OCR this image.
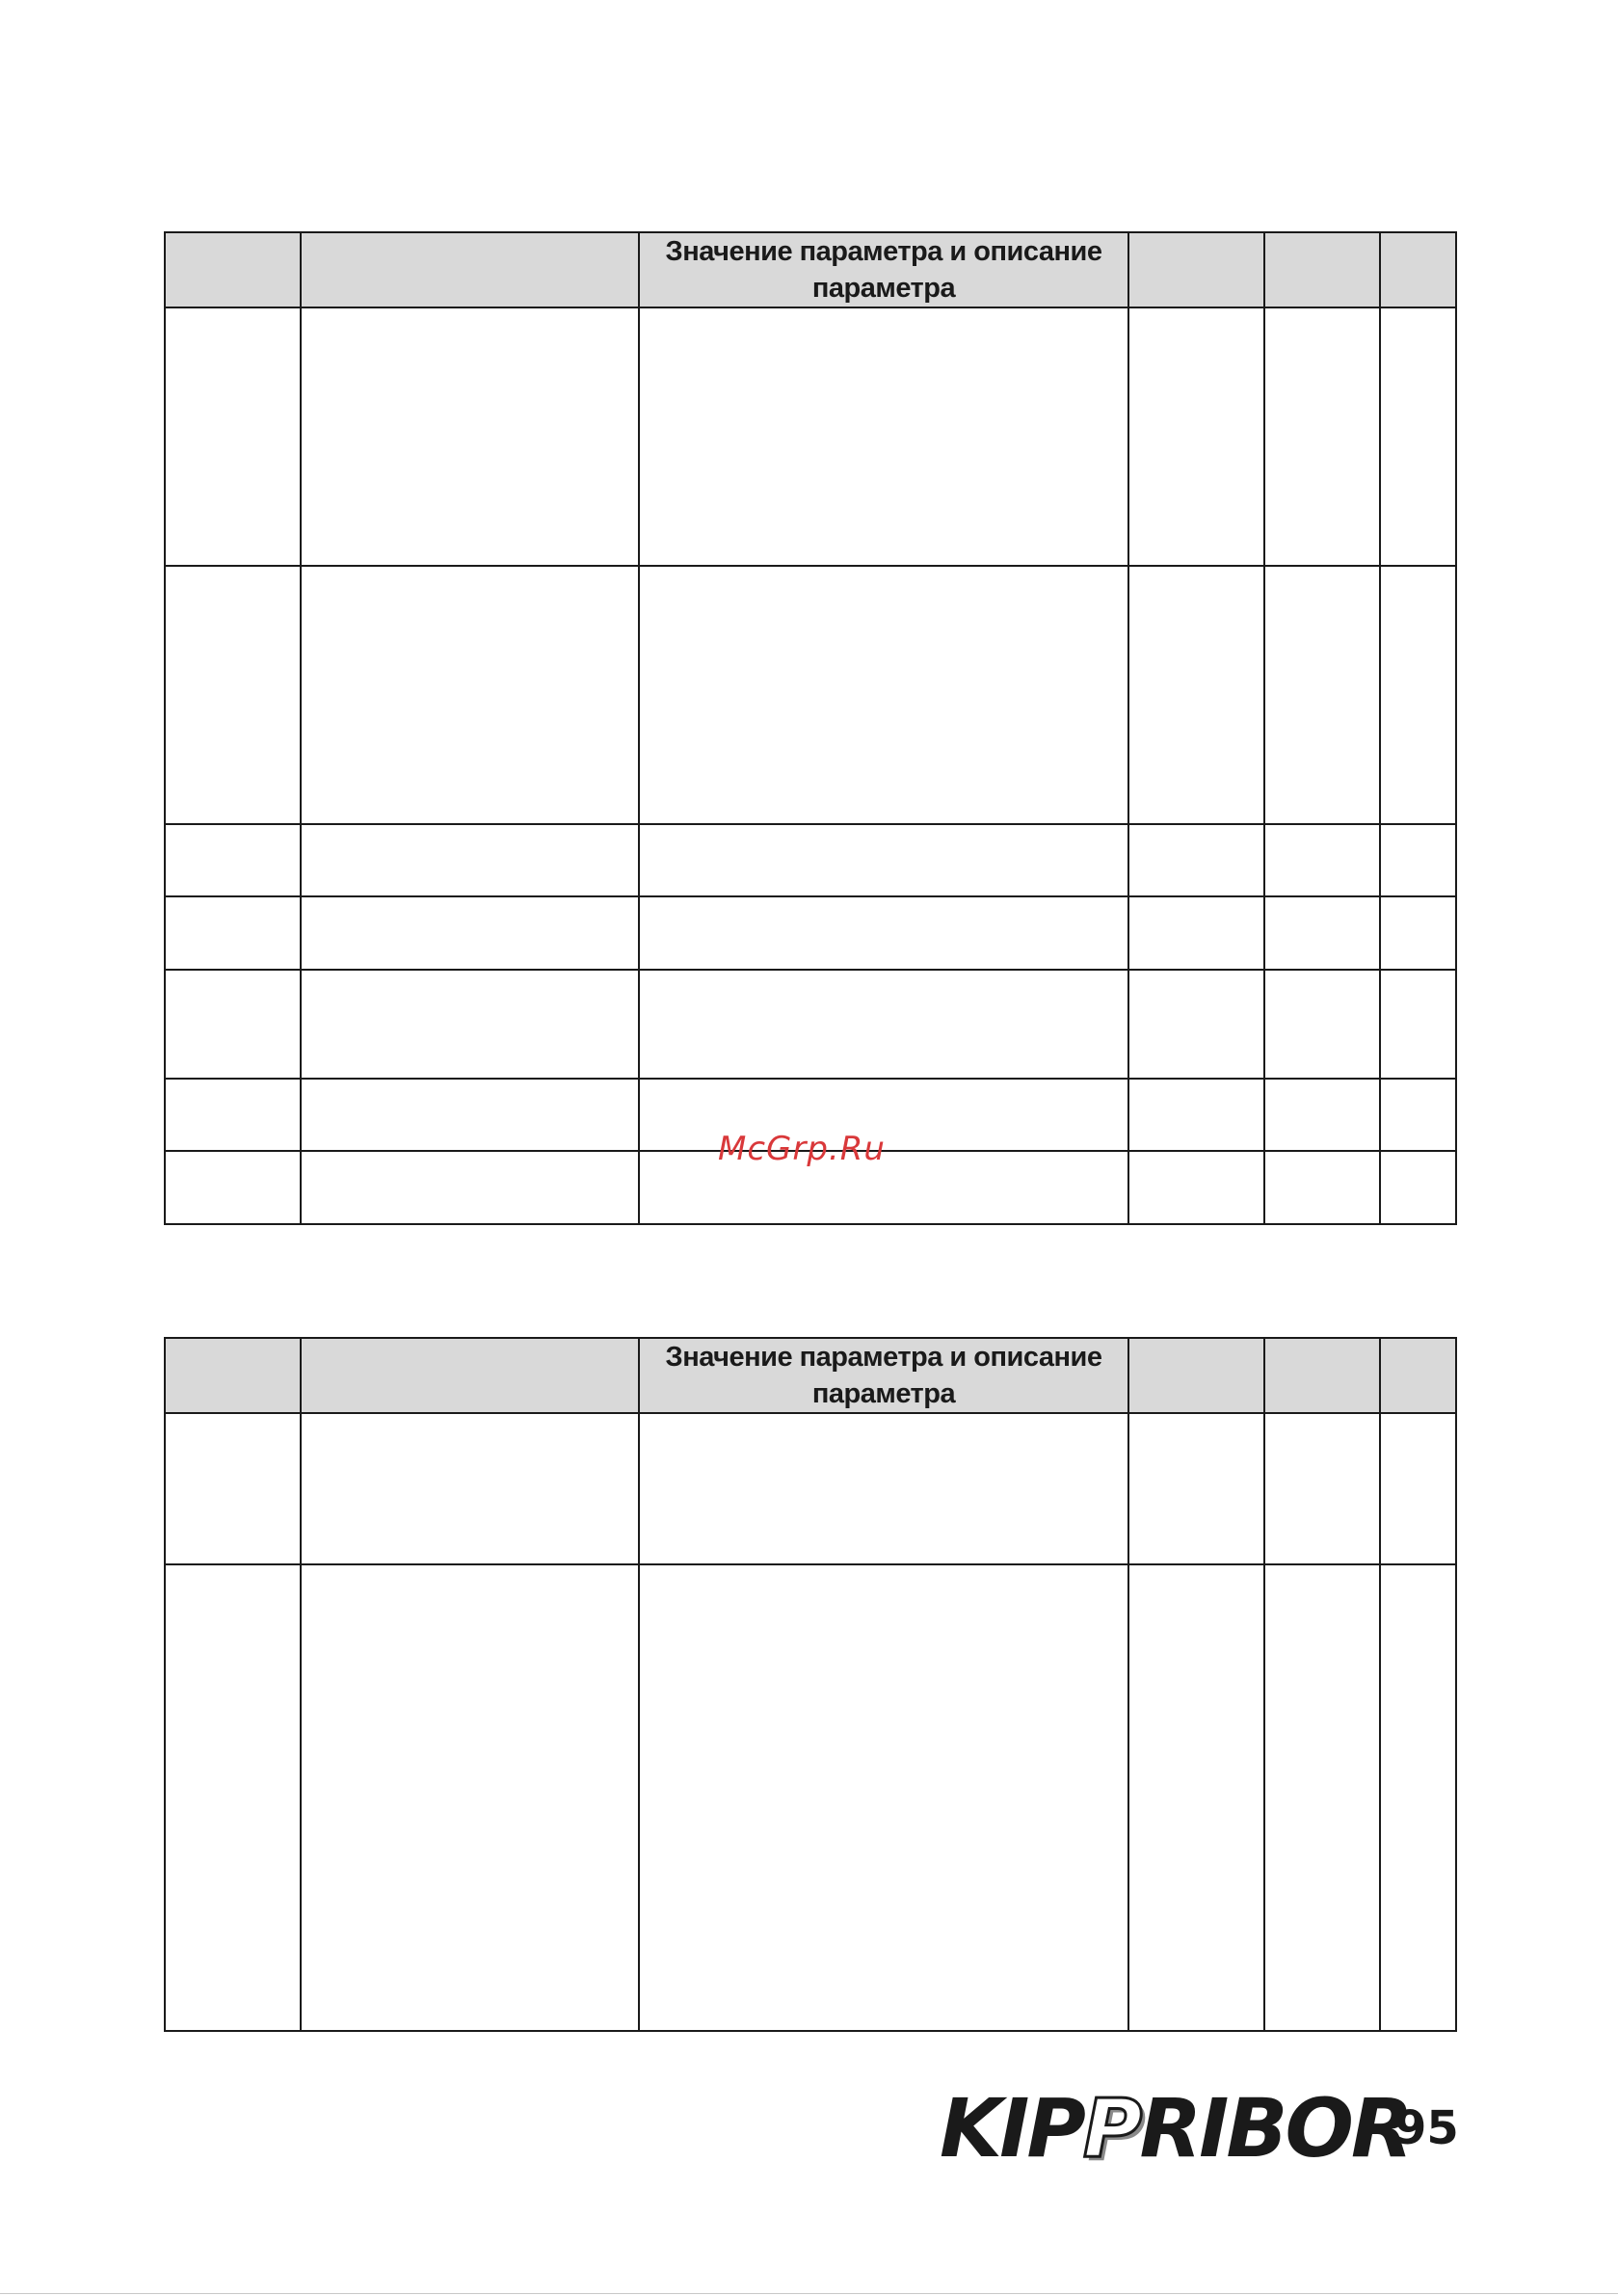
		Значение параметра и описание параметра			

		Значение параметра и описание параметра			

McGrp.Ru
KIPPRIBOR
95
